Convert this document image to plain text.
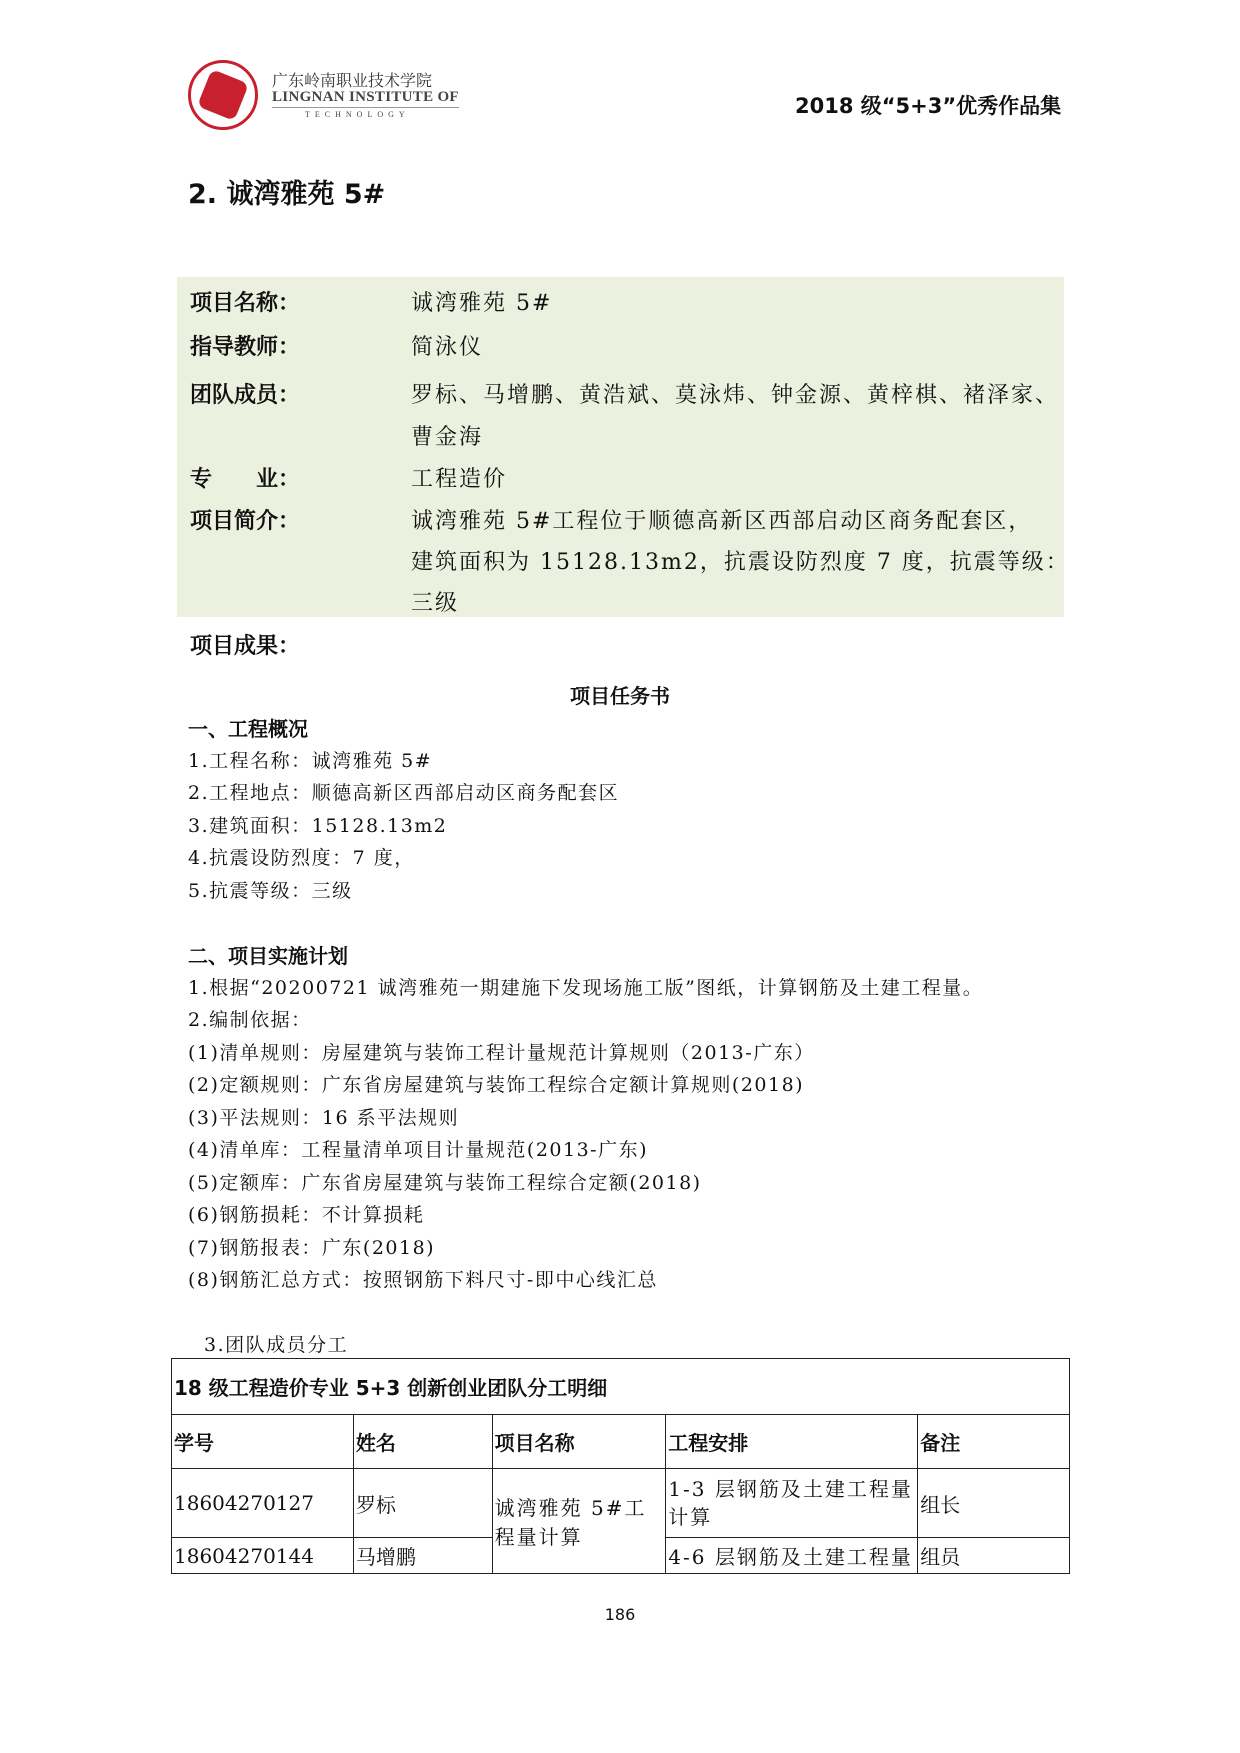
广东岭南职业技术学院
LINGNAN INSTITUTE OF
TECHNOLOGY	2018 级“5+3”优秀作品集
2. 诚湾雅苑 5#
项目名称：	诚湾雅苑 5#
指导教师：	简泳仪
团队成员：	罗标、马增鹏、黄浩斌、莫泳炜、钟金源、黄梓棋、褚泽家、
曹金海
专　　业：	工程造价
项目简介：	诚湾雅苑 5#工程位于顺德高新区西部启动区商务配套区，
建筑面积为 15128.13m2，抗震设防烈度 7 度，抗震等级：
三级
项目成果：
项目任务书
一、工程概况
1.工程名称：诚湾雅苑 5#
2.工程地点：顺德高新区西部启动区商务配套区
3.建筑面积：15128.13m2
4.抗震设防烈度：7 度，
5.抗震等级：三级
二、项目实施计划
1.根据“20200721 诚湾雅苑一期建施下发现场施工版”图纸，计算钢筋及土建工程量。
2.编制依据：
(1)清单规则：房屋建筑与装饰工程计量规范计算规则（2013-广东）
(2)定额规则：广东省房屋建筑与装饰工程综合定额计算规则(2018)
(3)平法规则：16 系平法规则
(4)清单库：工程量清单项目计量规范(2013-广东)
(5)定额库：广东省房屋建筑与装饰工程综合定额(2018)
(6)钢筋损耗：不计算损耗
(7)钢筋报表：广东(2018)
(8)钢筋汇总方式：按照钢筋下料尺寸-即中心线汇总
3.团队成员分工
18 级工程造价专业 5+3 创新创业团队分工明细				
学号	姓名	项目名称	工程安排	备注
18604270127	罗标	诚湾雅苑 5#工程量计算	1-3 层钢筋及土建工程量计算	组长
18604270144	马增鹏		4-6 层钢筋及土建工程量	组员
186
